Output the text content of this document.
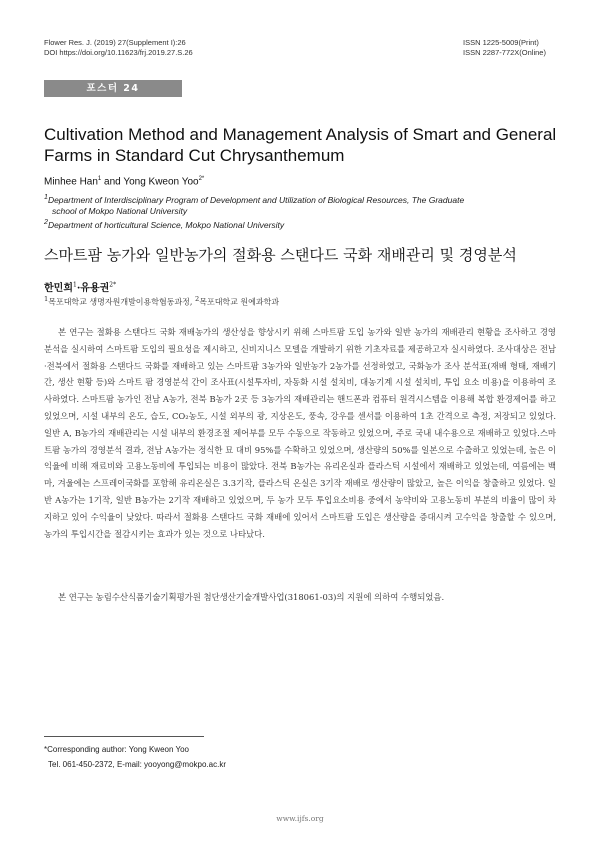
Flower Res. J. (2019) 27(Supplement I):26
DOI https://doi.org/10.11623/frj.2019.27.S.26
ISSN 1225-5009(Print)
ISSN 2287-772X(Online)
포스터 24
Cultivation Method and Management Analysis of Smart and General Farms in Standard Cut Chrysanthemum
Minhee Han$^1$ and Yong Kweon Yoo$^{2*}$
$^1$Department of Interdisciplinary Program of Development and Utilization of Biological Resources, The Graduate
school of Mokpo National University
$^2$Department of horticultural Science, Mokpo National University
스마트팜 농가와 일반농가의 절화용 스탠다드 국화 재배관리 및 경영분석
한민희$^1$·유용권$^{2*}$
$^1$목포대학교 생명자원개발이용학협동과정, $^2$목포대학교 원예과학과

본 연구는 절화용 스탠다드 국화 재배농가의 생산성을 향상시키 위해 스마트팜 도입 농가와 일반 농가의 재배관리 현황을 조사하고 경영분석을 실시하여 스마트팜 도입의 필요성을 제시하고, 신비지니스 모델을 개발하기 위한 기초자료를 제공하고자 실시하였다. 조사대상은 전남·전북에서 절화용 스탠다드 국화를 재배하고 있는 스마트팜 3농가와 일반농가 2농가를 선정하였고, 국화농가 조사 분석표(재배 형태, 재배기간, 생산 현황 등)와 스마트 팜 경영분석 간이 조사표(시설투자비, 자동화 시설 설치비, 대농기계 시설 설치비, 투입 요소 비용)을 이용하여 조사하였다. 스마트팜 농가인 전남 A농가, 전북 B농가 2곳 등 3농가의 재배관리는 핸드폰과 컴퓨터 원격시스템을 이용해 복합 환경제어를 하고 있었으며, 시설 내부의 온도, 습도, CO₂농도, 시설 외부의 광, 지상온도, 풍속, 강우를 센서를 이용하여 1초 간격으로 측정, 저장되고 있었다. 일반 A, B농가의 재배관리는 시설 내부의 환경조절 제어부를 모두 수동으로 작동하고 있었으며, 주로 국내 내수용으로 재배하고 있었다.스마트팜 농가의 경영분석 결과, 전남 A농가는 정식한 묘 대비 95%를 수확하고 있었으며, 생산량의 50%를 일본으로 수출하고 있었는데, 높은 이익율에 비해 재료비와 고용노동비에 투입되는 비용이 많았다. 전북 B농가는 유리온실과 플라스틱 시설에서 재배하고 있었는데, 여름에는 백마, 겨울에는 스프레이국화를 포함해 유리온실은 3.3기작, 플라스틱 온실은 3기작 재배로 생산량이 많았고, 높은 이익을 창출하고 있었다. 일반 A농가는 1기작, 일반 B농가는 2기작 재배하고 있었으며, 두 농가 모두 투입요소비용 중에서 농약비와 고용노동비 부분의 비율이 많이 차지하고 있어 수익율이 낮았다. 따라서 절화용 스탠다드 국화 재배에 있어서 스마트팜 도입은 생산량을 증대시켜 고수익을 창출할 수 있으며, 농가의 투입시간을 절감시키는 효과가 있는 것으로 나타났다.

본 연구는 농림수산식품기술기획평가원 첨단생산기술개발사업(318061-03)의 지원에 의하여 수행되었음.

*Corresponding author: Yong Kweon Yoo
Tel. 061-450-2372, E-mail: yooyong@mokpo.ac.kr
www.ijfs.org
